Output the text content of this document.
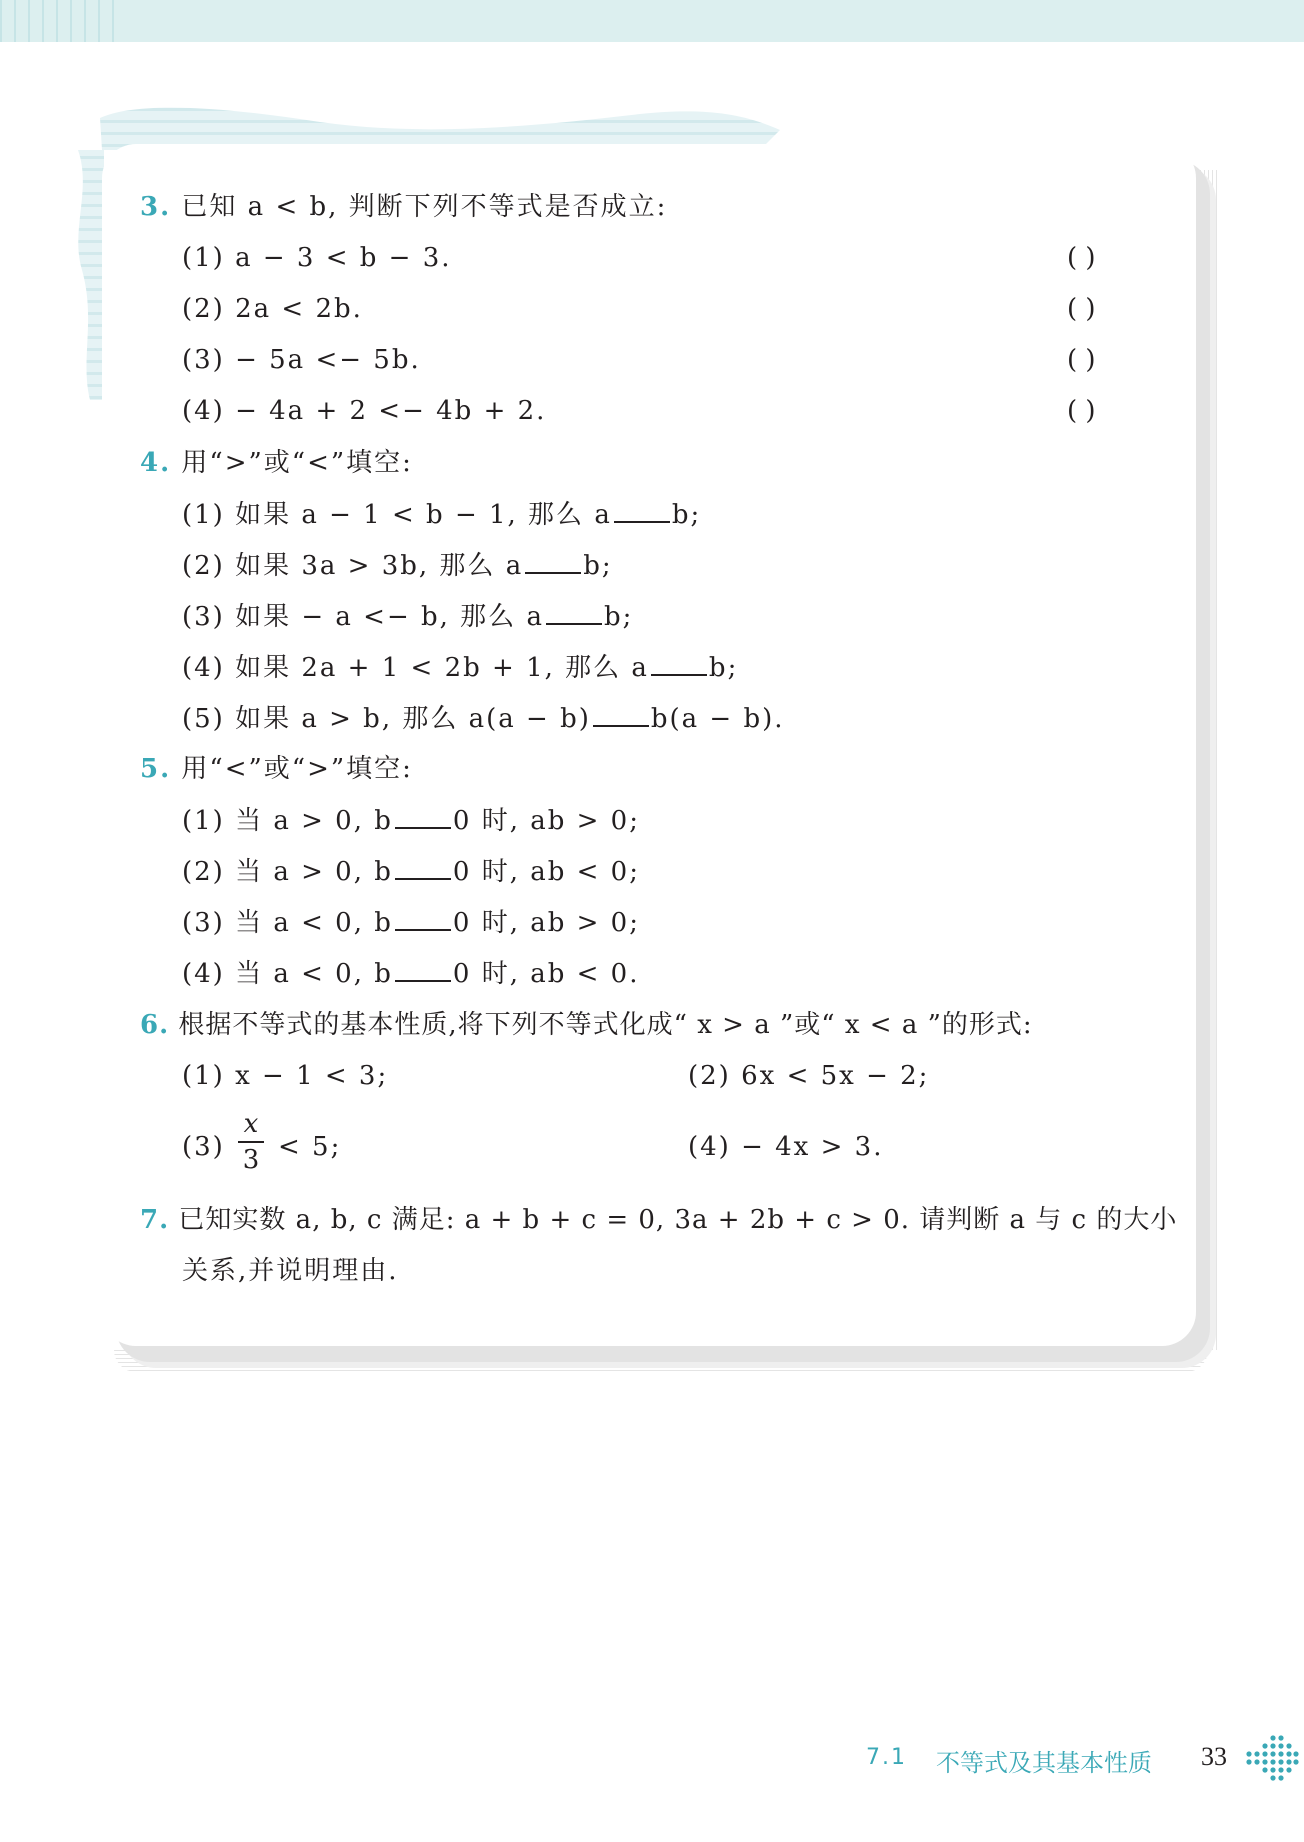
3. 已知 a < b, 判断下列不等式是否成立:
(1) a − 3 < b − 3.	( )
(2) 2a < 2b.	( )
(3) − 5a <− 5b.	( )
(4) − 4a + 2 <− 4b + 2.	( )
4. 用“>”或“<”填空:
(1) 如果 a − 1 < b − 1, 那么 a b;
(2) 如果 3a > 3b, 那么 a b;
(3) 如果 − a <− b, 那么 a b;
(4) 如果 2a + 1 < 2b + 1, 那么 a b;
(5) 如果 a > b, 那么 a(a − b) b(a − b).
5. 用“<”或“>”填空:
(1) 当 a > 0, b 0 时, ab > 0;
(2) 当 a > 0, b 0 时, ab < 0;
(3) 当 a < 0, b 0 时, ab > 0;
(4) 当 a < 0, b 0 时, ab < 0.
6. 根据不等式的基本性质,将下列不等式化成“ x > a ”或“ x < a ”的形式:
(1) x − 1 < 3;	(2) 6x < 5x − 2;
(3)
x
3 < 5;	(4) − 4x > 3.
7. 已知实数 a, b, c 满足: a + b + c = 0, 3a + 2b + c > 0. 请判断 a 与 c 的大小
关系,并说明理由.
7.1 不等式及其基本性质 33
